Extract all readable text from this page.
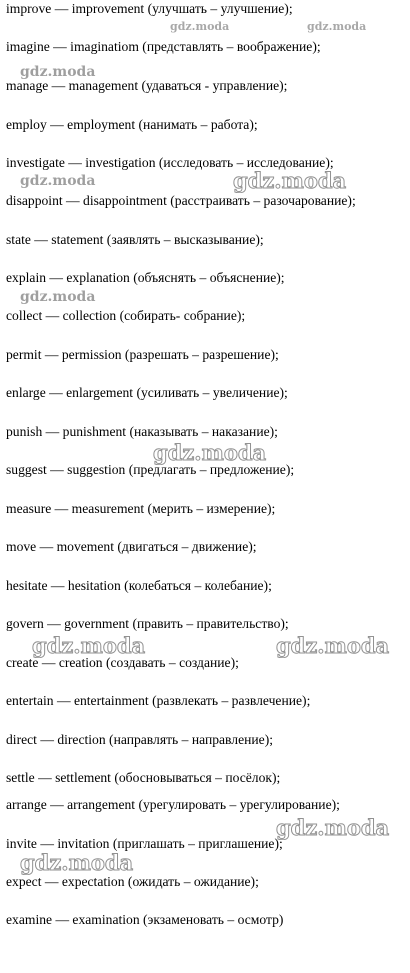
improve — improvement (улучшать – улучшение);
imagine — imaginatiom (представлять – воображение);
manage — management (удаваться - управление);
employ — employment (нанимать – работа);
investigate — investigation (исследовать – исследование);
disappoint — disappointment (расстраивать – разочарование);
state — statement (заявлять – высказывание);
explain — explanation (объяснять – объяснение);
collect — collection (собирать- собрание);
permit — permission (разрешать – разрешение);
enlarge — enlargement (усиливать – увеличение);
punish — punishment (наказывать – наказание);
suggest — suggestion (предлагать – предложение);
measure — measurement (мерить – измерение);
move — movement (двигаться – движение);
hesitate — hesitation (колебаться – колебание);
govern — government (править – правительство);
create — creation (создавать – создание);
entertain — entertainment (развлекать – развлечение);
direct — direction (направлять – направление);
settle — settlement (обосновываться – посёлок);
arrange — arrangement (урегулировать – урегулирование);
invite — invitation (приглашать – приглашение);
expect — expectation (ожидать – ожидание);
examine — examination (экзаменовать – осмотр)
gdz.moda	gdz.moda
gdz.moda
gdz.moda	gdz.moda
gdz.moda
gdz.moda
gdz.moda	gdz.moda
gdz.moda
gdz.moda
